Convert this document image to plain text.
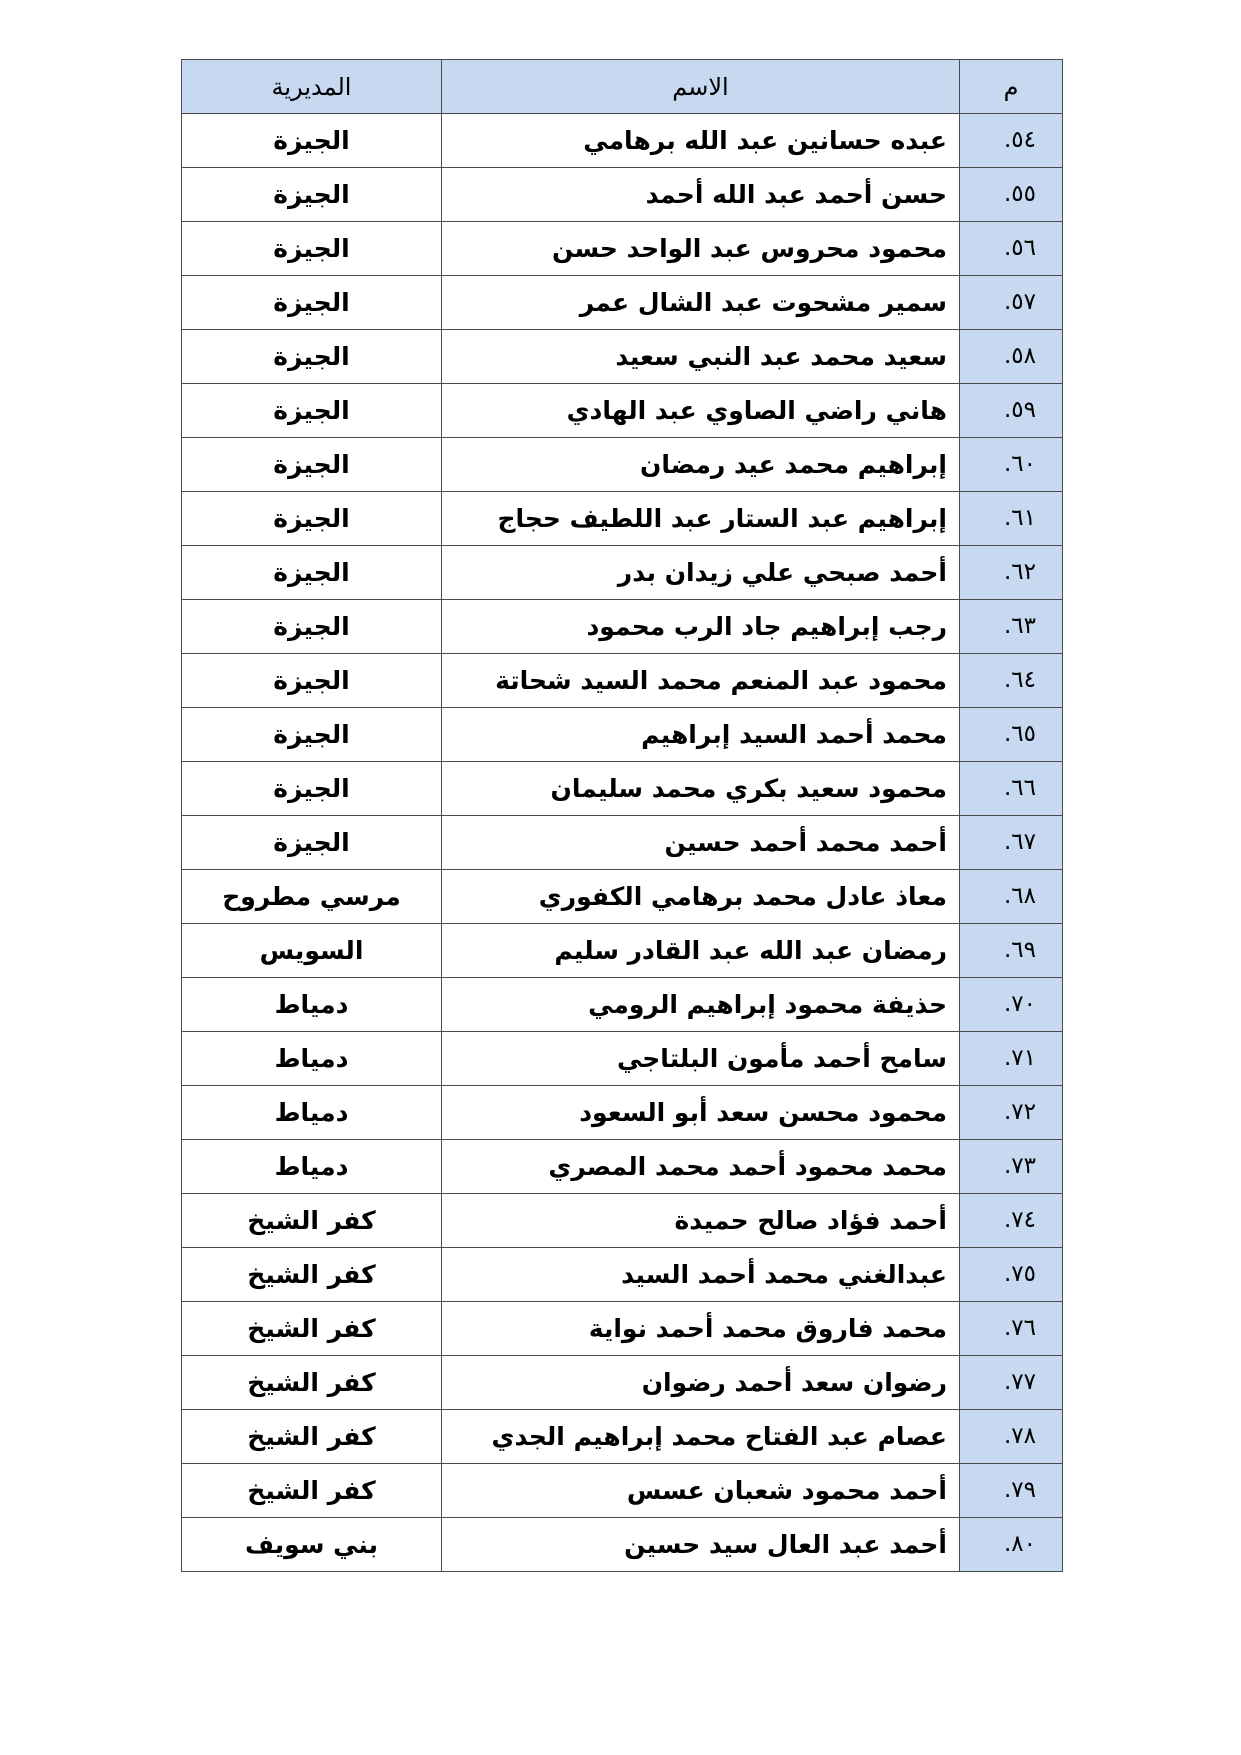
م	الاسم	المديرية
٥٤.	عبده حسانين عبد الله برهامي	الجيزة
٥٥.	حسن أحمد عبد الله أحمد	الجيزة
٥٦.	محمود محروس عبد الواحد حسن	الجيزة
٥٧.	سمير مشحوت عبد الشال عمر	الجيزة
٥٨.	سعيد محمد عبد النبي سعيد	الجيزة
٥٩.	هاني راضي الصاوي عبد الهادي	الجيزة
٦٠.	إبراهيم محمد عيد رمضان	الجيزة
٦١.	إبراهيم عبد الستار عبد اللطيف حجاج	الجيزة
٦٢.	أحمد صبحي علي زيدان بدر	الجيزة
٦٣.	رجب إبراهيم جاد الرب محمود	الجيزة
٦٤.	محمود عبد المنعم محمد السيد شحاتة	الجيزة
٦٥.	محمد أحمد السيد إبراهيم	الجيزة
٦٦.	محمود سعيد بكري محمد سليمان	الجيزة
٦٧.	أحمد محمد أحمد حسين	الجيزة
٦٨.	معاذ عادل محمد برهامي الكفوري	مرسي مطروح
٦٩.	رمضان عبد الله عبد القادر سليم	السويس
٧٠.	حذيفة محمود إبراهيم الرومي	دمياط
٧١.	سامح أحمد مأمون البلتاجي	دمياط
٧٢.	محمود محسن سعد أبو السعود	دمياط
٧٣.	محمد محمود أحمد محمد المصري	دمياط
٧٤.	أحمد فؤاد صالح حميدة	كفر الشيخ
٧٥.	عبدالغني محمد أحمد السيد	كفر الشيخ
٧٦.	محمد فاروق محمد أحمد نواية	كفر الشيخ
٧٧.	رضوان سعد أحمد رضوان	كفر الشيخ
٧٨.	عصام عبد الفتاح محمد إبراهيم الجدي	كفر الشيخ
٧٩.	أحمد محمود شعبان عسس	كفر الشيخ
٨٠.	أحمد عبد العال سيد حسين	بني سويف
